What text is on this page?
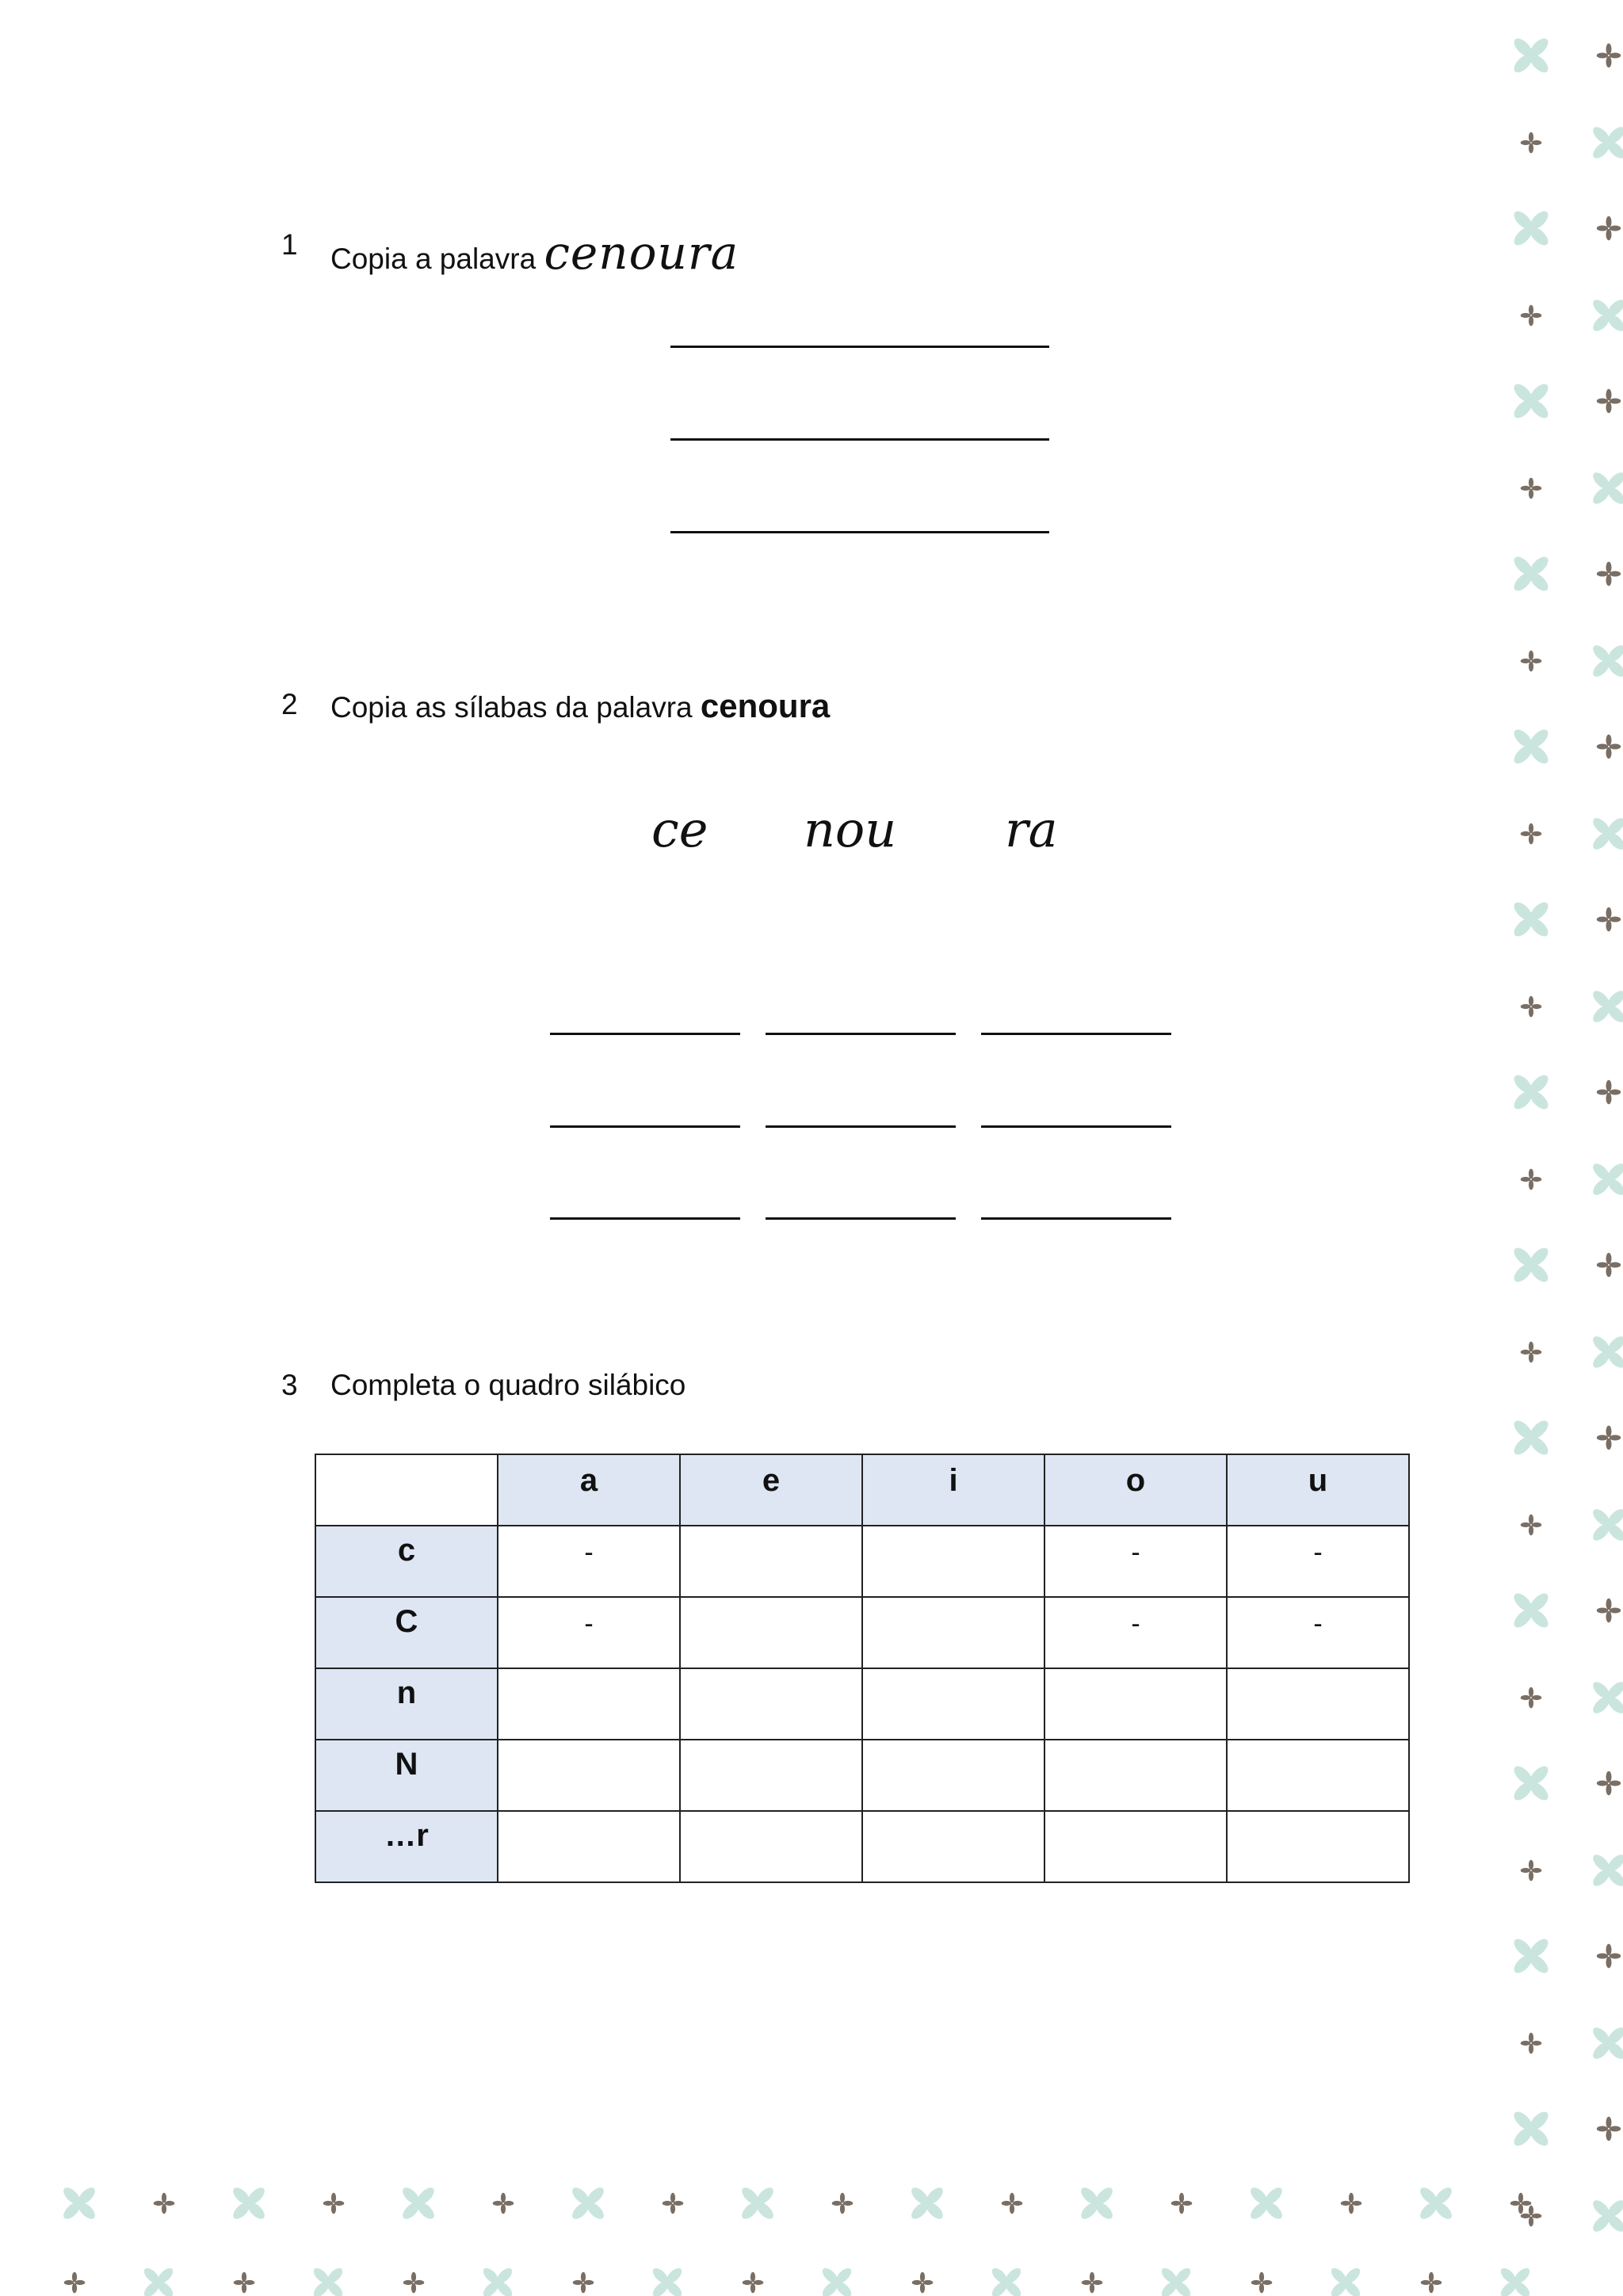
1 Copia a palavra cenoura
2 Copia as sílabas da palavra cenoura
ce nou ra
3 Completa o quadro silábico
	a	e	i	o	u
c	-			-	-
C	-			-	-
n					
N					
…r					
